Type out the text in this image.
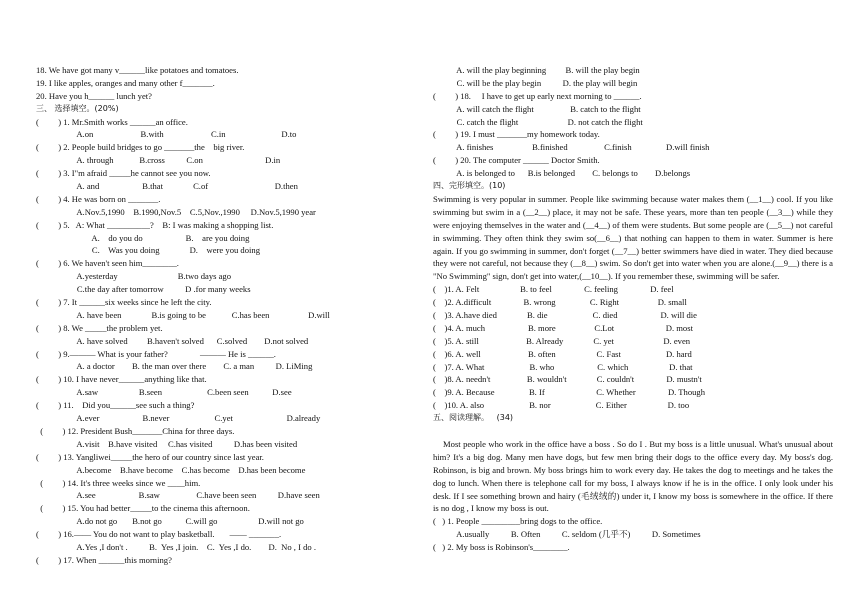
18. We have got many v______like potatoes and tomatoes.
19. I like apples, oranges and many other f_______.
20. Have you h______ lunch yet?
三、 选择填空。(20%)
(         ) 1. Mr.Smith works ______an office.
A.on                      B.with                      C.in                          D.to
(         ) 2. People build bridges to go _______the    big river.
A. through            B.cross          C.on                             D.in
(         ) 3. I"m afraid _____he cannot see you now.
A. and                    B.that              C.of                               D.then
(         ) 4. He was born on _______.
A.Nov.5,1990    B.1990,Nov.5    C.5,Nov.,1990     D.Nov.5,1990 year
(         ) 5.   A: What __________?    B: I was making a shopping list.
A.    do you do                    B.    are you doing
C.    Was you doing              D.    were you doing
(         ) 6. We haven't seen him________.
A.yesterday                            B.two days ago
C.the day after tomorrow          D .for many weeks
(         ) 7. It ______six weeks since he left the city.
A. have been              B.is going to be            C.has been                  D.will
(         ) 8. We _____the problem yet.
A. have solved         B.haven't solved      C.solved        D.not solved
(         ) 9.——— What is your father?               ——— He is ______.
A. a doctor        B. the man over there        C. a man          D. LiMing
(         ) 10. I have never______anything like that.
A.saw                   B.seen                     C.been seen           D.see
(         ) 11.    Did you______see such a thing?
A.ever                    B.never                     C.yet                         D.already
(         ) 12. President Bush_______China for three days.
A.visit    B.have visited     C.has visited          D.has been visited
(         ) 13. Yangliwei_____the hero of our country since last year.
A.become    B.have become    C.has become    D.has been become
(         ) 14. It's three weeks since we ____him.
A.see                    B.saw                 C.have been seen          D.have seen
(         ) 15. You had better_____to the cinema this afternoon.
A.do not go       B.not go           C.will go                   D.will not go
(         ) 16.—— You do not want to play basketball.       —— _______.
A.Yes ,I don't .          B.  Yes ,I join.    C.  Yes ,I do.        D.  No , I do .
(         ) 17. When ______this morning?
A. will the play beginning         B. will the play begin
C. will be the play begin          D. the play will begin
(         ) 18.     I have to get up early next morning to ______.
A. will catch the flight                 B. catch to the flight
C. catch the flight                       D. not catch the flight
(         ) 19. I must _______my homework today.
A. finishes                  B.finished                 C.finish                D.will finish
(         ) 20. The computer ______ Doctor Smith.
A. is belonged to      B.is belonged        C. belongs to        D.belongs
四、完形填空。(10)
Swimming is very popular in summer. People like swimming because water makes them (__1__) cool. If you like swimming but swim in a (__2__) place, it may not be safe. These years, more than ten people (__3__) while they were enjoying themselves in the water and (__4__) of them were students. But some people are (__5__) not careful in swimming. They often think they swim so(__6__) that nothing can happen to them in water. Summer is here again. If you go swimming in summer, don't forget (__7__) better swimmers have died in water. They died because they were not careful, not because they (__8__) swim. So don't get into water when you are alone.(__9__) there is a "No Swimming" sign, don't get into water,(__10__). If you remember these, swimming will be safer.
(    )1. A. Felt                   B. to feel               C. feeling               D. feel
(    )2. A.difficult               B. wrong                C. Right                  D. small
(    )3. A.have died              B. die                     C. died                    D. will die
(    )4. A. much                    B. more                  C.Lot                        D. most
(    )5. A. still                      B. Already              C. yet                       D. even
(    )6. A. well                      B. often                   C. Fast                     D. hard
(    )7. A. What                     B. who                    C. which                   D. that
(    )8. A. needn't                 B. wouldn't              C. couldn't               D. mustn't
(    )9. A. Because                B. If                        C. Whether               D. Though
(    )10. A. also                     B. nor                     C. Either                   D. too
五、阅读理解。   (34)
Most people who work in the office have a boss . So do I . But my boss is a little unusual. What's unusual about him? It's a big dog. Many men have dogs, but few men bring their dogs to the office every day. My boss's dog. Robinson, is big and brown. My boss brings him to work every day. He takes the dog to meetings and he takes the dog to lunch. When there is telephone call for my boss, I always know if he is in the office. I only look under his desk. If I see something brown and hairy (毛绒绒的) under it, I know my boss is somewhere in the office. If there is no dog , I know my boss is out.
(   ) 1. People _________bring dogs to the office.
A.usually          B. Often          C. seldom (几乎不)          D. Sometimes
(   ) 2. My boss is Robinson's________.
